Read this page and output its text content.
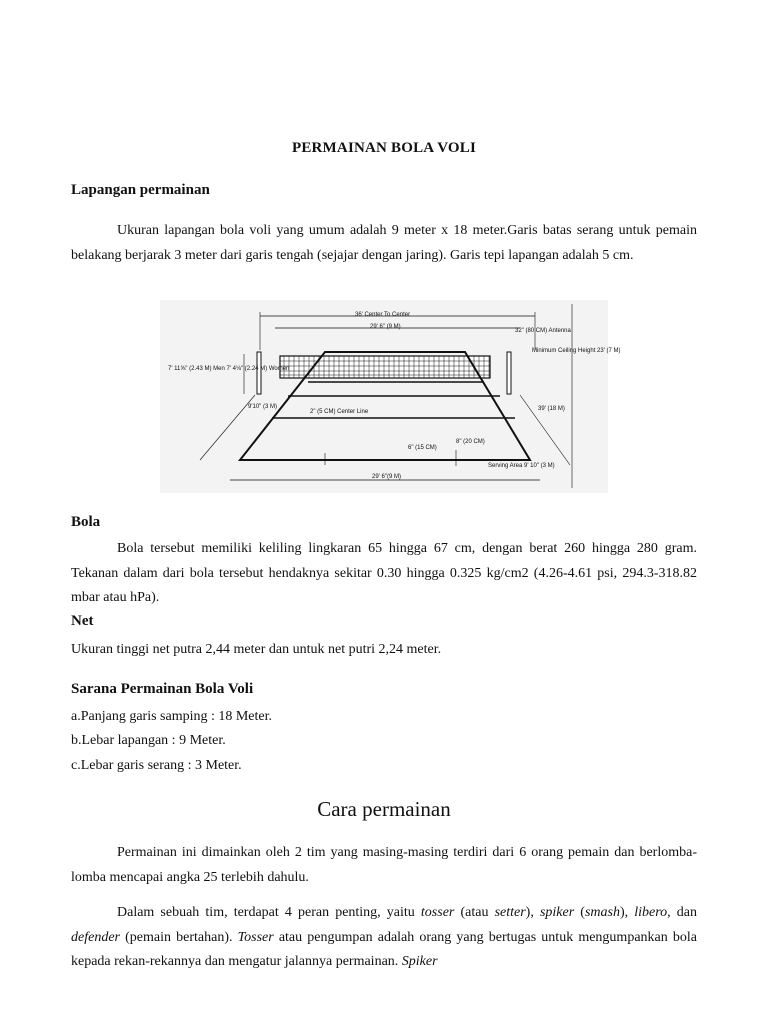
PERMAINAN BOLA VOLI
Lapangan permainan
Ukuran lapangan bola voli yang umum adalah 9 meter x 18 meter.Garis batas serang untuk pemain belakang berjarak 3 meter dari garis tengah (sejajar dengan jaring). Garis tepi lapangan adalah 5 cm.
36' Center To Center
29' 6" (9 M)
32" (80 CM) Antenna
Minimum Ceiling Height 23' (7 M)
7' 11⅝" (2.43 M) Men 7' 4⅛" (2.24 M) Women
9'10" (3 M)
2" (5 CM) Center Line	39' (18 M)
6" (15 CM)
8" (20 CM)
Serving Area 9' 10" (3 M)
29' 6"(9 M)
Bola
Bola tersebut memiliki keliling lingkaran 65 hingga 67 cm, dengan berat 260 hingga 280 gram. Tekanan dalam dari bola tersebut hendaknya sekitar 0.30 hingga 0.325 kg/cm2 (4.26-4.61 psi, 294.3-318.82 mbar atau hPa).
Net
Ukuran tinggi net putra 2,44 meter dan untuk net putri 2,24 meter.
Sarana Permainan Bola Voli
a.Panjang garis samping : 18 Meter.
b.Lebar lapangan : 9 Meter.
c.Lebar garis serang : 3 Meter.
Cara permainan
Permainan ini dimainkan oleh 2 tim yang masing-masing terdiri dari 6 orang pemain dan berlomba-lomba mencapai angka 25 terlebih dahulu.
Dalam sebuah tim, terdapat 4 peran penting, yaitu tosser (atau setter), spiker (smash), libero, dan defender (pemain bertahan). Tosser atau pengumpan adalah orang yang bertugas untuk mengumpankan bola kepada rekan-rekannya dan mengatur jalannya permainan. Spiker
